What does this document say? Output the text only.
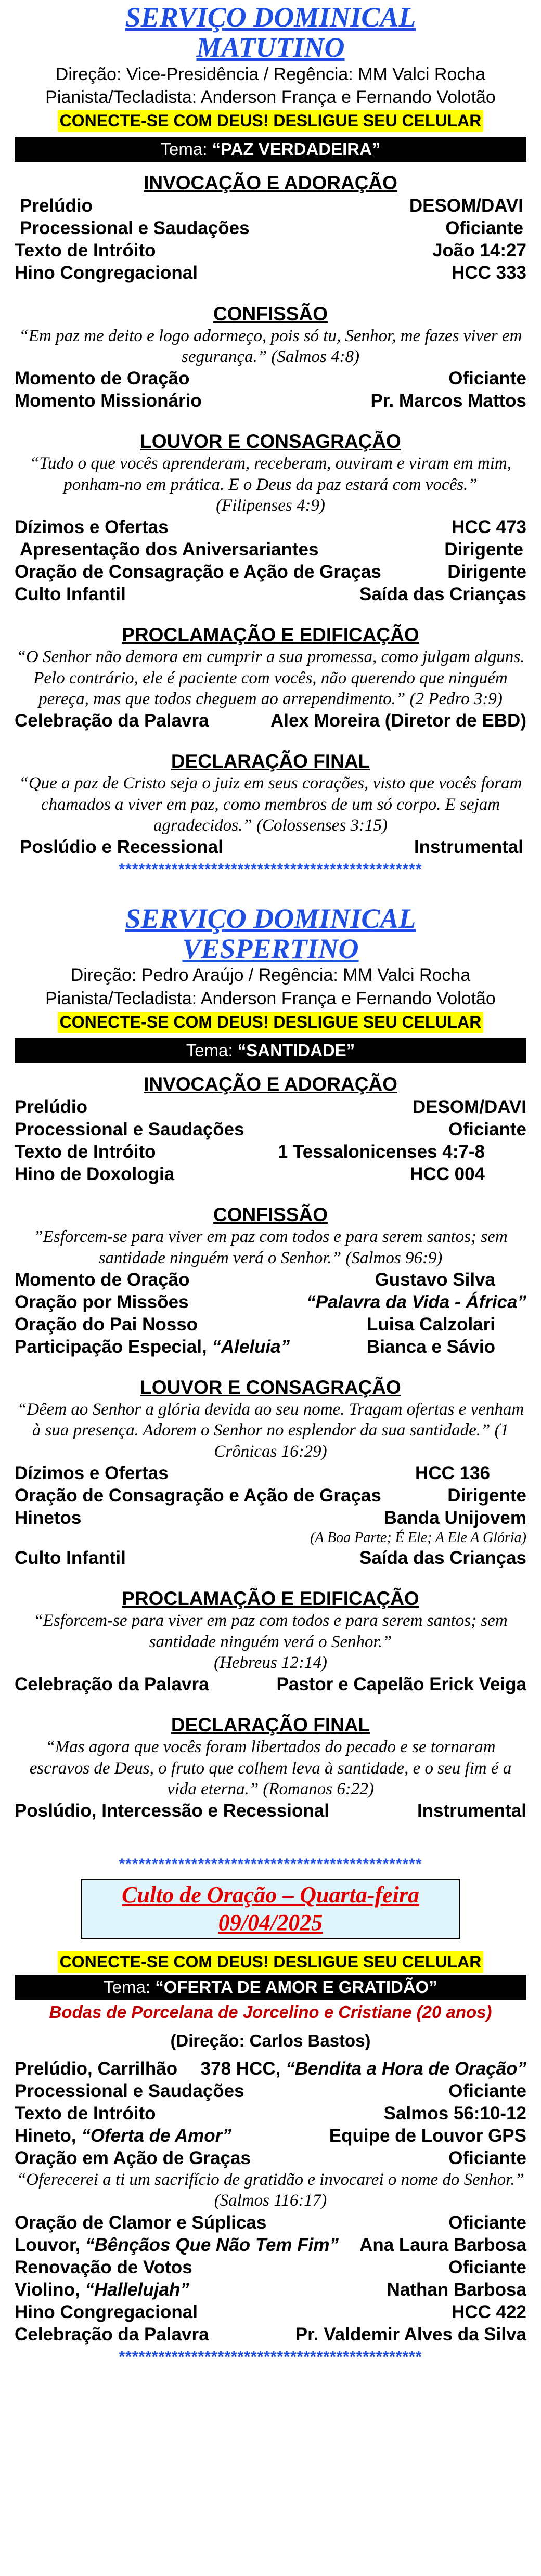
SERVIÇO DOMINICAL
MATUTINO
Direção: Vice-Presidência / Regência: MM Valci Rocha
Pianista/Tecladista: Anderson França e Fernando Volotão
CONECTE-SE COM DEUS! DESLIGUE SEU CELULAR
Tema: “PAZ VERDADEIRA”
INVOCAÇÃO E ADORAÇÃO
Prelúdio	DESOM/DAVI
Processional e Saudações	Oficiante
Texto de Intróito	João 14:27
Hino Congregacional	HCC 333
CONFISSÃO
“Em paz me deito e logo adormeço, pois só tu, Senhor, me fazes viver em segurança.” (Salmos 4:8)
Momento de Oração	Oficiante
Momento Missionário	Pr. Marcos Mattos
LOUVOR E CONSAGRAÇÃO
“Tudo o que vocês aprenderam, receberam, ouviram e viram em mim, ponham-no em prática. E o Deus da paz estará com vocês.”
(Filipenses 4:9)
Dízimos e Ofertas	HCC 473
Apresentação dos Aniversariantes	Dirigente
Oração de Consagração e Ação de Graças	Dirigente
Culto Infantil	Saída das Crianças
PROCLAMAÇÃO E EDIFICAÇÃO
“O Senhor não demora em cumprir a sua promessa, como julgam alguns. Pelo contrário, ele é paciente com vocês, não querendo que ninguém pereça, mas que todos cheguem ao arrependimento.” (2 Pedro 3:9)
Celebração da Palavra	Alex Moreira (Diretor de EBD)
DECLARAÇÃO FINAL
“Que a paz de Cristo seja o juiz em seus corações, visto que vocês foram chamados a viver em paz, como membros de um só corpo. E sejam agradecidos.” (Colossenses 3:15)
Poslúdio e Recessional	Instrumental
**********************************************
SERVIÇO DOMINICAL
VESPERTINO
Direção: Pedro Araújo / Regência: MM Valci Rocha
Pianista/Tecladista: Anderson França e Fernando Volotão
CONECTE-SE COM DEUS! DESLIGUE SEU CELULAR
Tema: “SANTIDADE”
INVOCAÇÃO E ADORAÇÃO
Prelúdio	DESOM/DAVI
Processional e Saudações	Oficiante
Texto de Intróito	1 Tessalonicenses 4:7-8
Hino de Doxologia	HCC 004
CONFISSÃO
”Esforcem-se para viver em paz com todos e para serem santos; sem santidade ninguém verá o Senhor.” (Salmos 96:9)
Momento de Oração	Gustavo Silva
Oração por Missões	“Palavra da Vida - África”
Oração do Pai Nosso	Luisa Calzolari
Participação Especial, “Aleluia”	Bianca e Sávio
LOUVOR E CONSAGRAÇÃO
“Dêem ao Senhor a glória devida ao seu nome. Tragam ofertas e venham à sua presença. Adorem o Senhor no esplendor da sua santidade.” (1 Crônicas 16:29)
Dízimos e Ofertas	HCC 136
Oração de Consagração e Ação de Graças	Dirigente
Hinetos	Banda Unijovem
(A Boa Parte; É Ele; A Ele A Glória)
Culto Infantil	Saída das Crianças
PROCLAMAÇÃO E EDIFICAÇÃO
“Esforcem-se para viver em paz com todos e para serem santos; sem santidade ninguém verá o Senhor.”
(Hebreus 12:14)
Celebração da Palavra	Pastor e Capelão Erick Veiga
DECLARAÇÃO FINAL
“Mas agora que vocês foram libertados do pecado e se tornaram escravos de Deus, o fruto que colhem leva à santidade, e o seu fim é a vida eterna.” (Romanos 6:22)
Poslúdio, Intercessão e Recessional	Instrumental
**********************************************
Culto de Oração – Quarta-feira 09/04/2025
CONECTE-SE COM DEUS! DESLIGUE SEU CELULAR
Tema: “OFERTA DE AMOR E GRATIDÃO”
Bodas de Porcelana de Jorcelino e Cristiane (20 anos)
(Direção: Carlos Bastos)
Prelúdio, Carrilhão 378 HCC, “Bendita a Hora de Oração”
Processional e Saudações	Oficiante
Texto de Intróito	Salmos 56:10-12
Hineto, “Oferta de Amor”	Equipe de Louvor GPS
Oração em Ação de Graças	Oficiante
“Oferecerei a ti um sacrifício de gratidão e invocarei o nome do Senhor.” (Salmos 116:17)
Oração de Clamor e Súplicas	Oficiante
Louvor, “Bênçãos Que Não Tem Fim” Ana Laura Barbosa
Renovação de Votos	Oficiante
Violino, “Hallelujah”	Nathan Barbosa
Hino Congregacional	HCC 422
Celebração da Palavra	Pr. Valdemir Alves da Silva
**********************************************
